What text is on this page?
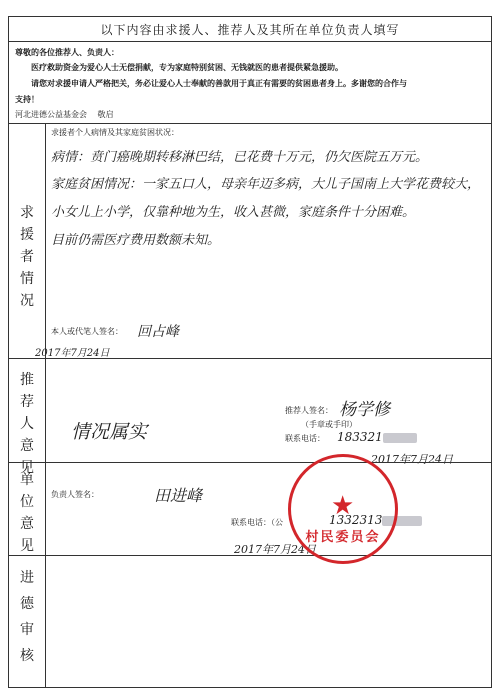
以下内容由求援人、推荐人及其所在单位负责人填写
尊敬的各位推荐人、负责人：
医疗救助资金为爱心人士无偿捐献，专为家庭特别贫困、无钱就医的患者提供紧急援助。
请您对求援申请人严格把关，务必让爱心人士奉献的善款用于真正有需要的贫困患者身上。多谢您的合作与
支持！
河北进德公益基金会　 敬启
求援者情况
求援者个人病情及其家庭贫困状况：
病情：贲门癌晚期转移淋巴结，已花费十万元，仍欠医院五万元。
家庭贫困情况：一家五口人，母亲年迈多病，大儿子国南上大学花费较大，
小女儿上小学，仅靠种地为生，收入甚微，家庭条件十分困难。
目前仍需医疗费用数额未知。
本人或代笔人签名： 回占峰
2017年7月24日
推荐人意见
情况属实
推荐人签名： 杨学修
（手章或手印）
联系电话： 183321
2017年7月24日
单位意见
负责人签名：	田进峰
联系电话：（公	1332313
2017年7月24日
进德审核
★
村民委员会
